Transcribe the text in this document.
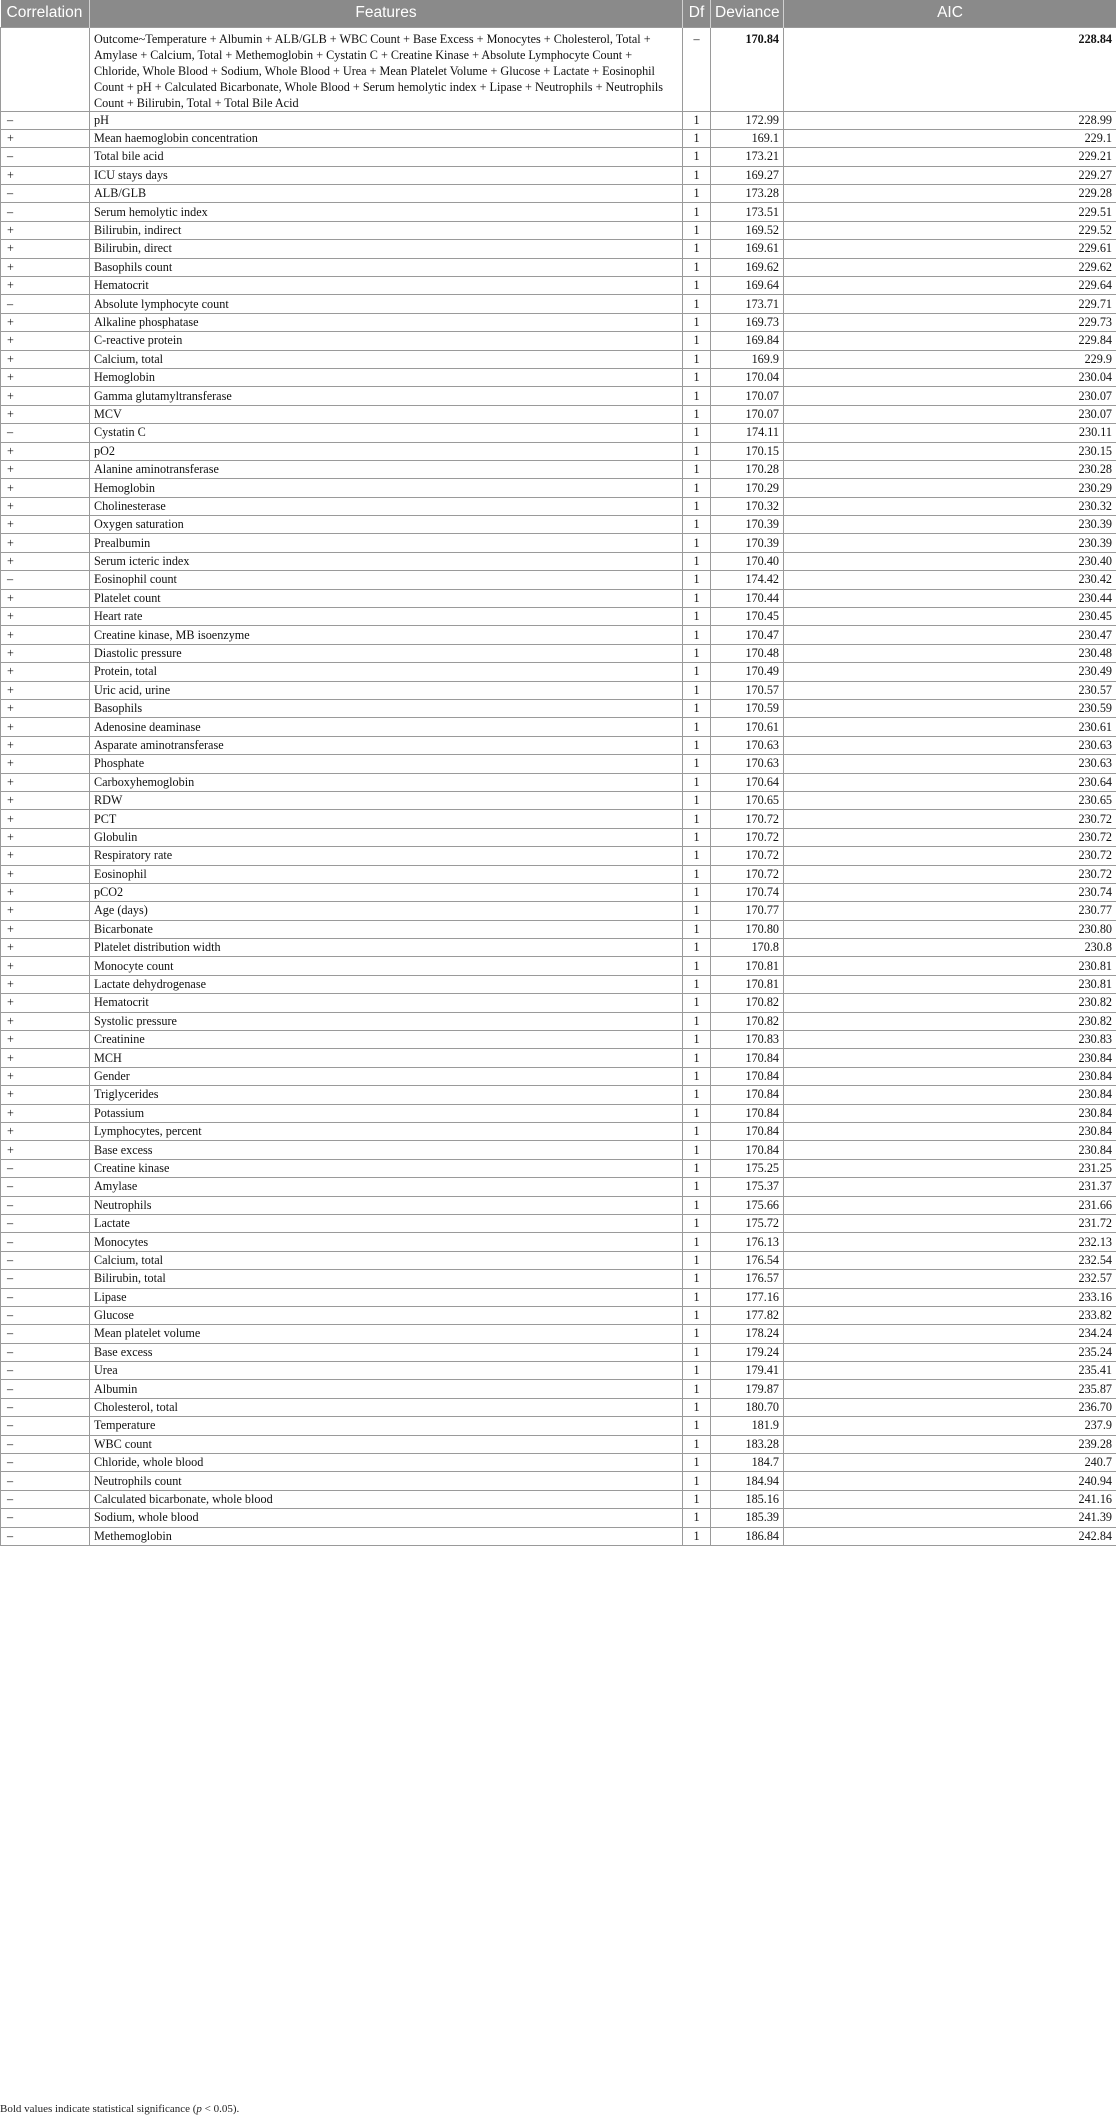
Correlation	Features	Df	Deviance	AIC
	Outcome~Temperature + Albumin + ALB/GLB + WBC Count + Base Excess + Monocytes + Cholesterol, Total + Amylase + Calcium, Total + Methemoglobin + Cystatin C + Creatine Kinase + Absolute Lymphocyte Count + Chloride, Whole Blood + Sodium, Whole Blood + Urea + Mean Platelet Volume + Glucose + Lactate + Eosinophil Count + pH + Calculated Bicarbonate, Whole Blood + Serum hemolytic index + Lipase + Neutrophils + Neutrophils Count + Bilirubin, Total + Total Bile Acid	–	170.84	228.84
–	pH	1	172.99	228.99
+	Mean haemoglobin concentration	1	169.1	229.1
–	Total bile acid	1	173.21	229.21
+	ICU stays days	1	169.27	229.27
–	ALB/GLB	1	173.28	229.28
–	Serum hemolytic index	1	173.51	229.51
+	Bilirubin, indirect	1	169.52	229.52
+	Bilirubin, direct	1	169.61	229.61
+	Basophils count	1	169.62	229.62
+	Hematocrit	1	169.64	229.64
–	Absolute lymphocyte count	1	173.71	229.71
+	Alkaline phosphatase	1	169.73	229.73
+	C-reactive protein	1	169.84	229.84
+	Calcium, total	1	169.9	229.9
+	Hemoglobin	1	170.04	230.04
+	Gamma glutamyltransferase	1	170.07	230.07
+	MCV	1	170.07	230.07
–	Cystatin C	1	174.11	230.11
+	pO2	1	170.15	230.15
+	Alanine aminotransferase	1	170.28	230.28
+	Hemoglobin	1	170.29	230.29
+	Cholinesterase	1	170.32	230.32
+	Oxygen saturation	1	170.39	230.39
+	Prealbumin	1	170.39	230.39
+	Serum icteric index	1	170.40	230.40
–	Eosinophil count	1	174.42	230.42
+	Platelet count	1	170.44	230.44
+	Heart rate	1	170.45	230.45
+	Creatine kinase, MB isoenzyme	1	170.47	230.47
+	Diastolic pressure	1	170.48	230.48
+	Protein, total	1	170.49	230.49
+	Uric acid, urine	1	170.57	230.57
+	Basophils	1	170.59	230.59
+	Adenosine deaminase	1	170.61	230.61
+	Asparate aminotransferase	1	170.63	230.63
+	Phosphate	1	170.63	230.63
+	Carboxyhemoglobin	1	170.64	230.64
+	RDW	1	170.65	230.65
+	PCT	1	170.72	230.72
+	Globulin	1	170.72	230.72
+	Respiratory rate	1	170.72	230.72
+	Eosinophil	1	170.72	230.72
+	pCO2	1	170.74	230.74
+	Age (days)	1	170.77	230.77
+	Bicarbonate	1	170.80	230.80
+	Platelet distribution width	1	170.8	230.8
+	Monocyte count	1	170.81	230.81
+	Lactate dehydrogenase	1	170.81	230.81
+	Hematocrit	1	170.82	230.82
+	Systolic pressure	1	170.82	230.82
+	Creatinine	1	170.83	230.83
+	MCH	1	170.84	230.84
+	Gender	1	170.84	230.84
+	Triglycerides	1	170.84	230.84
+	Potassium	1	170.84	230.84
+	Lymphocytes, percent	1	170.84	230.84
+	Base excess	1	170.84	230.84
–	Creatine kinase	1	175.25	231.25
–	Amylase	1	175.37	231.37
–	Neutrophils	1	175.66	231.66
–	Lactate	1	175.72	231.72
–	Monocytes	1	176.13	232.13
–	Calcium, total	1	176.54	232.54
–	Bilirubin, total	1	176.57	232.57
–	Lipase	1	177.16	233.16
–	Glucose	1	177.82	233.82
–	Mean platelet volume	1	178.24	234.24
–	Base excess	1	179.24	235.24
–	Urea	1	179.41	235.41
–	Albumin	1	179.87	235.87
–	Cholesterol, total	1	180.70	236.70
–	Temperature	1	181.9	237.9
–	WBC count	1	183.28	239.28
–	Chloride, whole blood	1	184.7	240.7
–	Neutrophils count	1	184.94	240.94
–	Calculated bicarbonate, whole blood	1	185.16	241.16
–	Sodium, whole blood	1	185.39	241.39
–	Methemoglobin	1	186.84	242.84
Bold values indicate statistical significance (p < 0.05).
